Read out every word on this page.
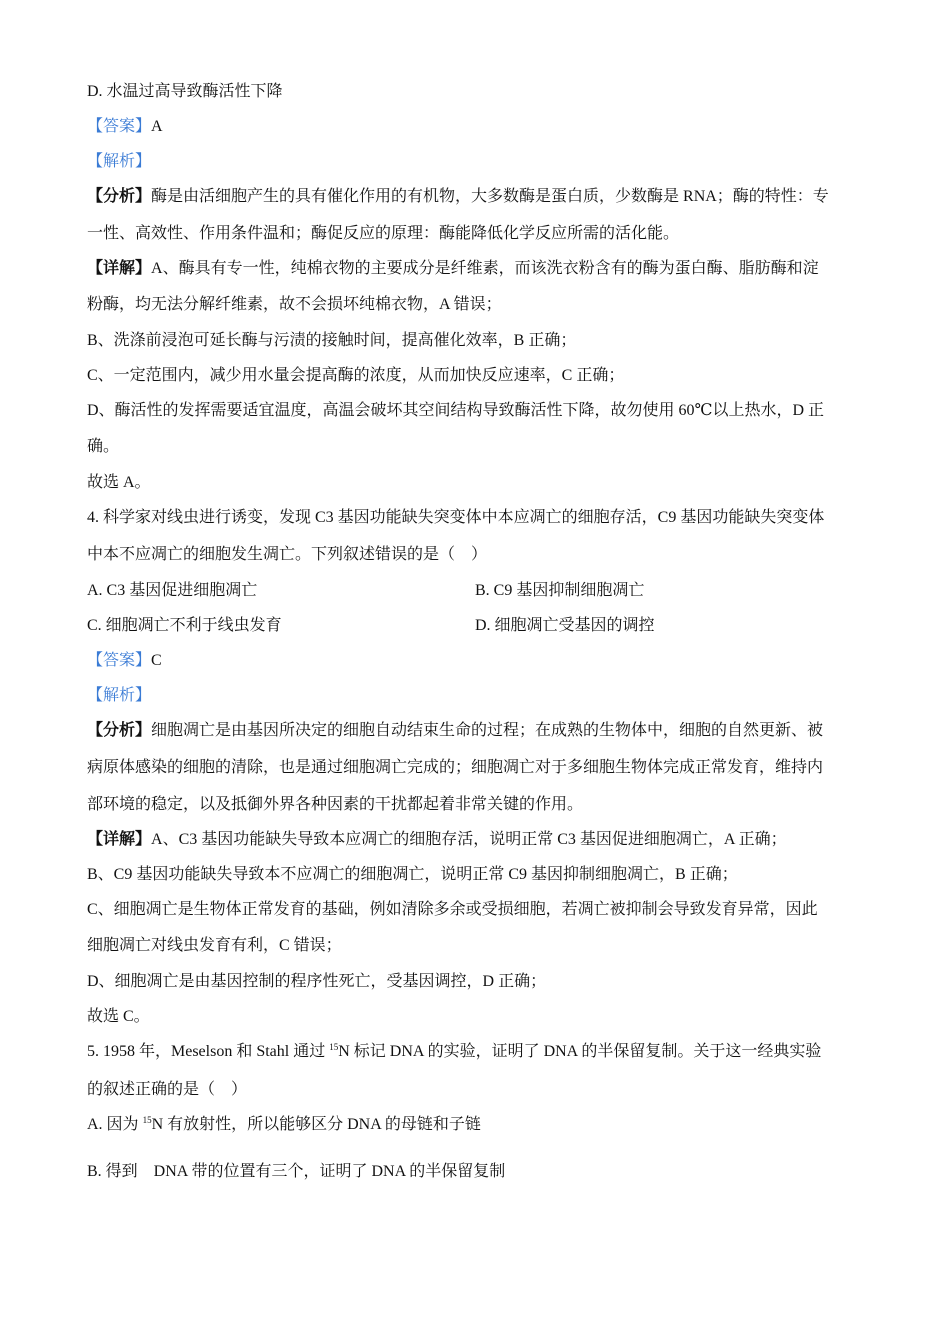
D. 水温过高导致酶活性下降
【答案】A
【解析】
【分析】酶是由活细胞产生的具有催化作用的有机物，大多数酶是蛋白质，少数酶是 RNA；酶的特性：专
一性、高效性、作用条件温和；酶促反应的原理：酶能降低化学反应所需的活化能。
【详解】A、酶具有专一性，纯棉衣物的主要成分是纤维素，而该洗衣粉含有的酶为蛋白酶、脂肪酶和淀
粉酶，均无法分解纤维素，故不会损坏纯棉衣物，A 错误；
B、洗涤前浸泡可延长酶与污渍的接触时间，提高催化效率，B 正确；
C、一定范围内，减少用水量会提高酶的浓度，从而加快反应速率，C 正确；
D、酶活性的发挥需要适宜温度，高温会破坏其空间结构导致酶活性下降，故勿使用 60℃以上热水，D 正
确。
故选 A。
4. 科学家对线虫进行诱变，发现 C3 基因功能缺失突变体中本应凋亡的细胞存活，C9 基因功能缺失突变体
中本不应凋亡的细胞发生凋亡。下列叙述错误的是（　）
A. C3 基因促进细胞凋亡	B. C9 基因抑制细胞凋亡
C. 细胞凋亡不利于线虫发育	D. 细胞凋亡受基因的调控
【答案】C
【解析】
【分析】细胞凋亡是由基因所决定的细胞自动结束生命的过程；在成熟的生物体中，细胞的自然更新、被
病原体感染的细胞的清除，也是通过细胞凋亡完成的；细胞凋亡对于多细胞生物体完成正常发育，维持内
部环境的稳定，以及抵御外界各种因素的干扰都起着非常关键的作用。
【详解】A、C3 基因功能缺失导致本应凋亡的细胞存活，说明正常 C3 基因促进细胞凋亡，A 正确；
B、C9 基因功能缺失导致本不应凋亡的细胞凋亡，说明正常 C9 基因抑制细胞凋亡，B 正确；
C、细胞凋亡是生物体正常发育的基础，例如清除多余或受损细胞，若凋亡被抑制会导致发育异常，因此
细胞凋亡对线虫发育有利，C 错误；
D、细胞凋亡是由基因控制的程序性死亡，受基因调控，D 正确；
故选 C。
5. 1958 年，Meselson 和 Stahl 通过 $^{15}$N 标记 DNA 的实验，证明了 DNA 的半保留复制。关于这一经典实验
的叙述正确的是（　）
A. 因为 $^{15}$N 有放射性，所以能够区分 DNA 的母链和子链
B. 得到　DNA 带的位置有三个，证明了 DNA 的半保留复制
